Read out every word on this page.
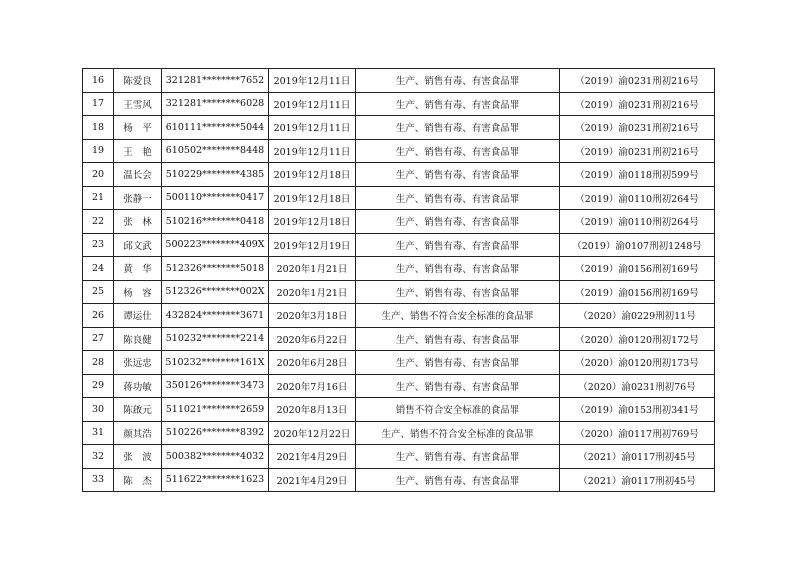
16	陈爱良	321281********7652	2019年12月11日	生产、销售有毒、有害食品罪	（2019）渝0231刑初216号
17	王雪风	321281********6028	2019年12月11日	生产、销售有毒、有害食品罪	（2019）渝0231刑初216号
18	杨　平	610111********5044	2019年12月11日	生产、销售有毒、有害食品罪	（2019）渝0231刑初216号
19	王　艳	610502********8448	2019年12月11日	生产、销售有毒、有害食品罪	（2019）渝0231刑初216号
20	温长会	510229********4385	2019年12月18日	生产、销售有毒、有害食品罪	（2019）渝0118刑初599号
21	张静一	500110********0417	2019年12月18日	生产、销售有毒、有害食品罪	（2019）渝0110刑初264号
22	张　林	510216********0418	2019年12月18日	生产、销售有毒、有害食品罪	（2019）渝0110刑初264号
23	邱文武	500223********409X	2019年12月19日	生产、销售有毒、有害食品罪	（2019）渝0107刑初1248号
24	黄　华	512326********5018	2020年1月21日	生产、销售有毒、有害食品罪	（2019）渝0156刑初169号
25	杨　容	512326********002X	2020年1月21日	生产、销售有毒、有害食品罪	（2019）渝0156刑初169号
26	谭运仕	432824********3671	2020年3月18日	生产、销售不符合安全标准的食品罪	（2020）渝0229刑初11号
27	陈良健	510232********2214	2020年6月22日	生产、销售有毒、有害食品罪	（2020）渝0120刑初172号
28	张远忠	510232********161X	2020年6月28日	生产、销售有毒、有害食品罪	（2020）渝0120刑初173号
29	蒋功敏	350126********3473	2020年7月16日	生产、销售有毒、有害食品罪	（2020）渝0231刑初76号
30	陈啟元	511021********2659	2020年8月13日	销售不符合安全标准的食品罪	（2019）渝0153刑初341号
31	颜其浩	510226********8392	2020年12月22日	生产、销售不符合安全标准的食品罪	（2020）渝0117刑初769号
32	张　波	500382********4032	2021年4月29日	生产、销售有毒、有害食品罪	（2021）渝0117刑初45号
33	陈　杰	511622********1623	2021年4月29日	生产、销售有毒、有害食品罪	（2021）渝0117刑初45号
